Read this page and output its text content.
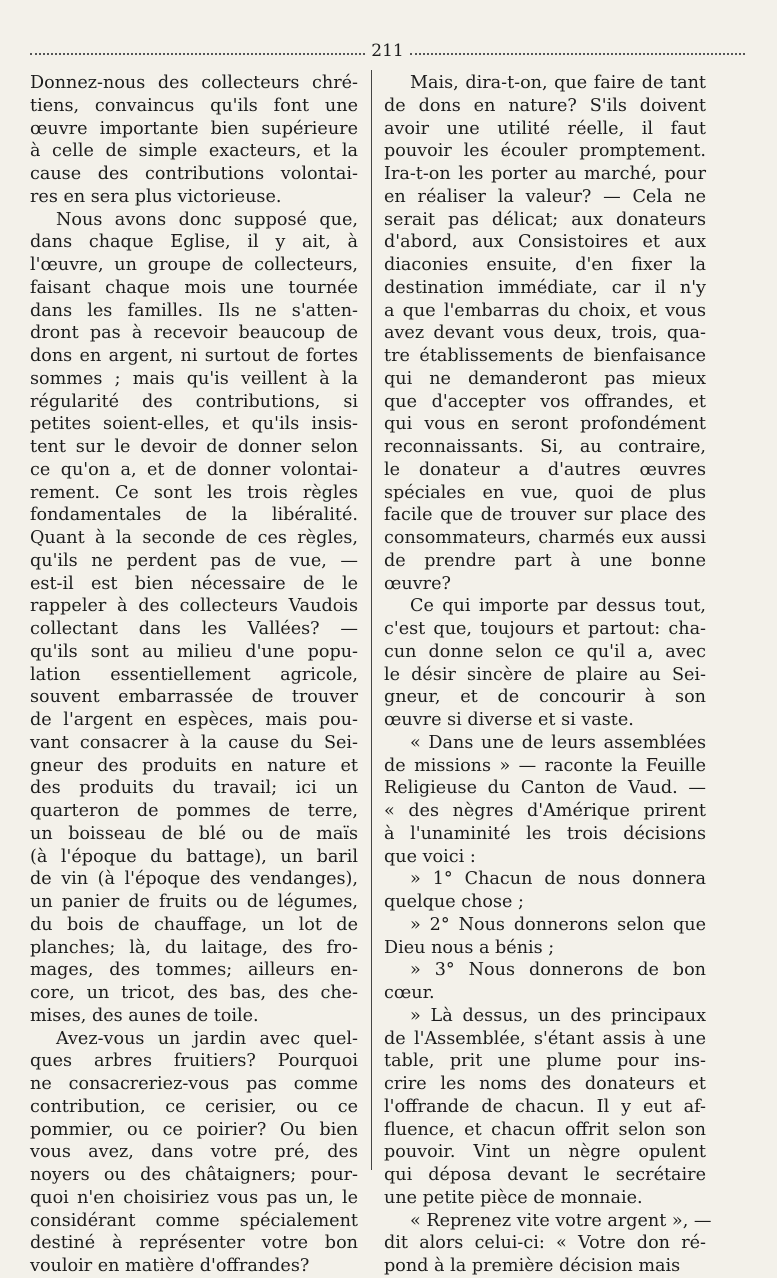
211
Donnez-nous des collecteurs chré-
tiens, convaincus qu'ils font une
œuvre importante bien supérieure
à celle de simple exacteurs, et la
cause des contributions volontai-
res en sera plus victorieuse.
Nous avons donc supposé que,
dans chaque Eglise, il y ait, à
l'œuvre, un groupe de collecteurs,
faisant chaque mois une tournée
dans les familles. Ils ne s'atten-
dront pas à recevoir beaucoup de
dons en argent, ni surtout de fortes
sommes ; mais qu'is veillent à la
régularité des contributions, si
petites soient-elles, et qu'ils insis-
tent sur le devoir de donner selon
ce qu'on a, et de donner volontai-
rement. Ce sont les trois règles
fondamentales de la libéralité.
Quant à la seconde de ces règles,
qu'ils ne perdent pas de vue, —
est-il est bien nécessaire de le
rappeler à des collecteurs Vaudois
collectant dans les Vallées? —
qu'ils sont au milieu d'une popu-
lation essentiellement agricole,
souvent embarrassée de trouver
de l'argent en espèces, mais pou-
vant consacrer à la cause du Sei-
gneur des produits en nature et
des produits du travail; ici un
quarteron de pommes de terre,
un boisseau de blé ou de maïs
(à l'époque du battage), un baril
de vin (à l'époque des vendanges),
un panier de fruits ou de légumes,
du bois de chauffage, un lot de
planches; là, du laitage, des fro-
mages, des tommes; ailleurs en-
core, un tricot, des bas, des che-
mises, des aunes de toile.
Avez-vous un jardin avec quel-
ques arbres fruitiers? Pourquoi
ne consacreriez-vous pas comme
contribution, ce cerisier, ou ce
pommier, ou ce poirier? Ou bien
vous avez, dans votre pré, des
noyers ou des châtaigners; pour-
quoi n'en choisiriez vous pas un, le
considérant comme spécialement
destiné à représenter votre bon
vouloir en matière d'offrandes?
Mais, dira-t-on, que faire de tant
de dons en nature? S'ils doivent
avoir une utilité réelle, il faut
pouvoir les écouler promptement.
Ira-t-on les porter au marché, pour
en réaliser la valeur? — Cela ne
serait pas délicat; aux donateurs
d'abord, aux Consistoires et aux
diaconies ensuite, d'en fixer la
destination immédiate, car il n'y
a que l'embarras du choix, et vous
avez devant vous deux, trois, qua-
tre établissements de bienfaisance
qui ne demanderont pas mieux
que d'accepter vos offrandes, et
qui vous en seront profondément
reconnaissants. Si, au contraire,
le donateur a d'autres œuvres
spéciales en vue, quoi de plus
facile que de trouver sur place des
consommateurs, charmés eux aussi
de prendre part à une bonne
œuvre?
Ce qui importe par dessus tout,
c'est que, toujours et partout: cha-
cun donne selon ce qu'il a, avec
le désir sincère de plaire au Sei-
gneur, et de concourir à son
œuvre si diverse et si vaste.
« Dans une de leurs assemblées
de missions » — raconte la Feuille
Religieuse du Canton de Vaud. —
« des nègres d'Amérique prirent
à l'unaminité les trois décisions
que voici :
» 1° Chacun de nous donnera
quelque chose ;
» 2° Nous donnerons selon que
Dieu nous a bénis ;
» 3° Nous donnerons de bon
cœur.
» Là dessus, un des principaux
de l'Assemblée, s'étant assis à une
table, prit une plume pour ins-
crire les noms des donateurs et
l'offrande de chacun. Il y eut af-
fluence, et chacun offrit selon son
pouvoir. Vint un nègre opulent
qui déposa devant le secrétaire
une petite pièce de monnaie.
« Reprenez vite votre argent », —
dit alors celui-ci: « Votre don ré-
pond à la première décision mais
